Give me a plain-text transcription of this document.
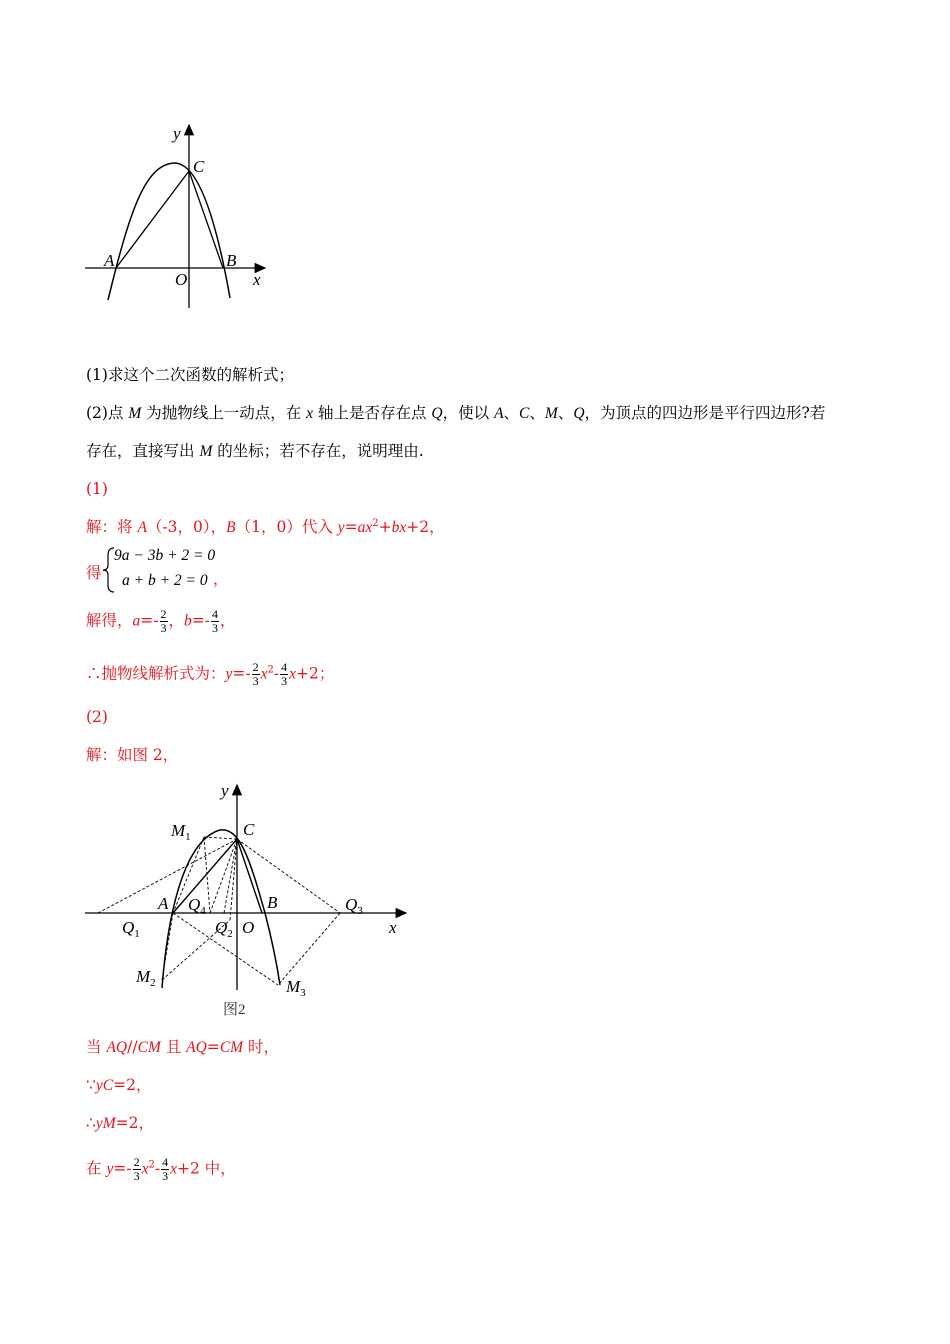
y
C
A	B
O	x
(1)求这个二次函数的解析式；
(2)点 M 为抛物线上一动点，在 x 轴上是否存在点 Q，使以 A、C、M、Q，为顶点的四边形是平行四边形?若
存在，直接写出 M 的坐标；若不存在，说明理由.
(1)
解：将 A（-3，0），B（1，0）代入 $y=ax^2+bx+2$，
得
9a − 3b + 2 = 0
a + b + 2 = 0 ，
解得，$a=- \frac{2}{3}$ ，$b=- \frac{4}{3}$ ，
∴抛物线解析式为：$y=- \frac{2}{3} x^2- \frac{4}{3} x+2$；
(2)
解：如图 2，
y
C
$M_1$
A $Q_4$	B	$Q_3$
$Q_1$	$Q_2$ O	x
$M_2$	$M_3$
图2
当 AQ//CM 且 AQ=CM 时，
∵yC=2，
∴yM=2，
在 $y=- \frac{2}{3} x^2- \frac{4}{3} x+2$ 中，
